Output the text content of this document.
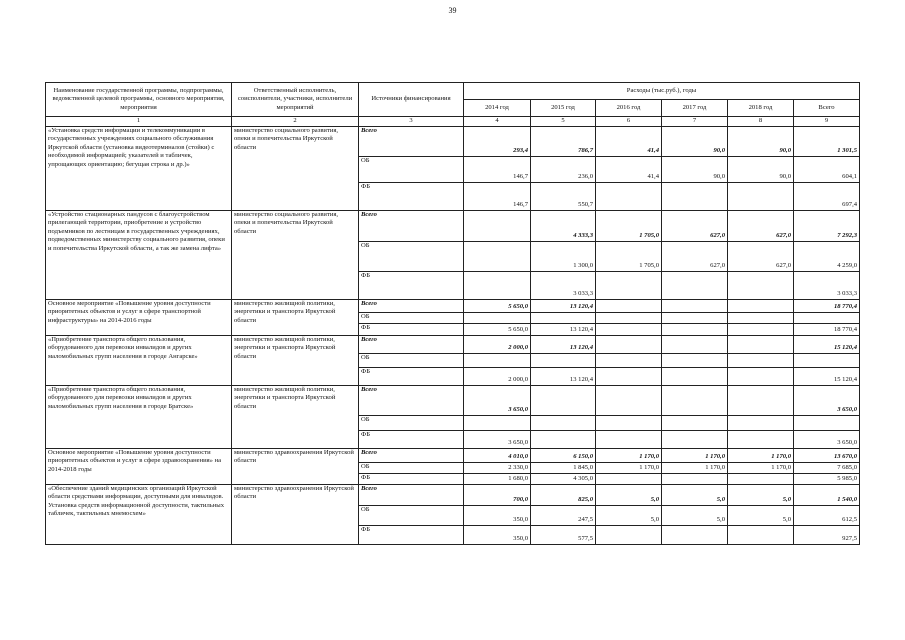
39
Наименование государственной программы, подпрограммы, ведомственной целевой программы, основного мероприятия, мероприятия	Ответственный исполнитель, соисполнители, участники, исполнители мероприятий	Источники финансирования	Расходы (тыс.руб.), годы					
			2014 год	2015 год	2016 год	2017 год	2018 год	Всего
1	2	3	4	5	6	7	8	9
«Установка средств информации и телекоммуникации в государственных учреждениях социального обслуживания Иркутской области (установка видеотерминалов (стойки) с необходимой информацией; указателей и табличек, упрощающих ориентацию; бегущая строка и др.)»	министерство социального развития, опеки и попечительства Иркутской области	Всего	293,4	786,7	41,4	90,0	90,0	1 301,5
		ОБ	146,7	236,0	41,4	90,0	90,0	604,1
		ФБ	146,7	550,7				697,4
«Устройство стационарных пандусов с благоустройством прилегающей территории, приобретение и устройство подъемников по лестницам в государственных учреждениях, подведомственных министерству социального развития, опеки и попечительства Иркутской области, а так же замена лифта»	министерство социального развития, опеки и попечительства Иркутской области	Всего		4 333,3	1 705,0	627,0	627,0	7 292,3
		ОБ		1 300,0	1 705,0	627,0	627,0	4 259,0
		ФБ		3 033,3				3 033,3
Основное мероприятие «Повышение уровня доступности приоритетных объектов и услуг в сфере транспортной инфраструктуры» на 2014-2016 годы	министерство жилищной политики, энергетики и транспорта Иркутской области	Всего	5 650,0	13 120,4				18 770,4
		ОБ						
		ФБ	5 650,0	13 120,4				18 770,4
«Приобретение транспорта общего пользования, оборудованного для перевозки инвалидов и других маломобильных групп населения в городе Ангарске»	министерство жилищной политики, энергетики и транспорта Иркутской области	Всего	2 000,0	13 120,4				15 120,4
		ОБ						
		ФБ	2 000,0	13 120,4				15 120,4
«Приобретение транспорта общего пользования, оборудованного для перевозки инвалидов и других маломобильных групп населения в городе Братске»	министерство жилищной политики, энергетики и транспорта Иркутской области	Всего	3 650,0					3 650,0
		ОБ						
		ФБ	3 650,0					3 650,0
Основное мероприятие «Повышение уровня доступности приоритетных объектов и услуг в сфере здравоохранения» на 2014-2018 годы	министерство здравоохранения Иркутской области	Всего	4 010,0	6 150,0	1 170,0	1 170,0	1 170,0	13 670,0
		ОБ	2 330,0	1 845,0	1 170,0	1 170,0	1 170,0	7 685,0
		ФБ	1 680,0	4 305,0				5 985,0
«Обеспечение зданий медицинских организаций Иркутской области средствами информации, доступными для инвалидов. Установка средств информационной доступности, тактильных табличек, тактильных мнемосхем»	министерство здравоохранения Иркутской области	Всего	700,0	825,0	5,0	5,0	5,0	1 540,0
		ОБ	350,0	247,5	5,0	5,0	5,0	612,5
		ФБ	350,0	577,5				927,5
